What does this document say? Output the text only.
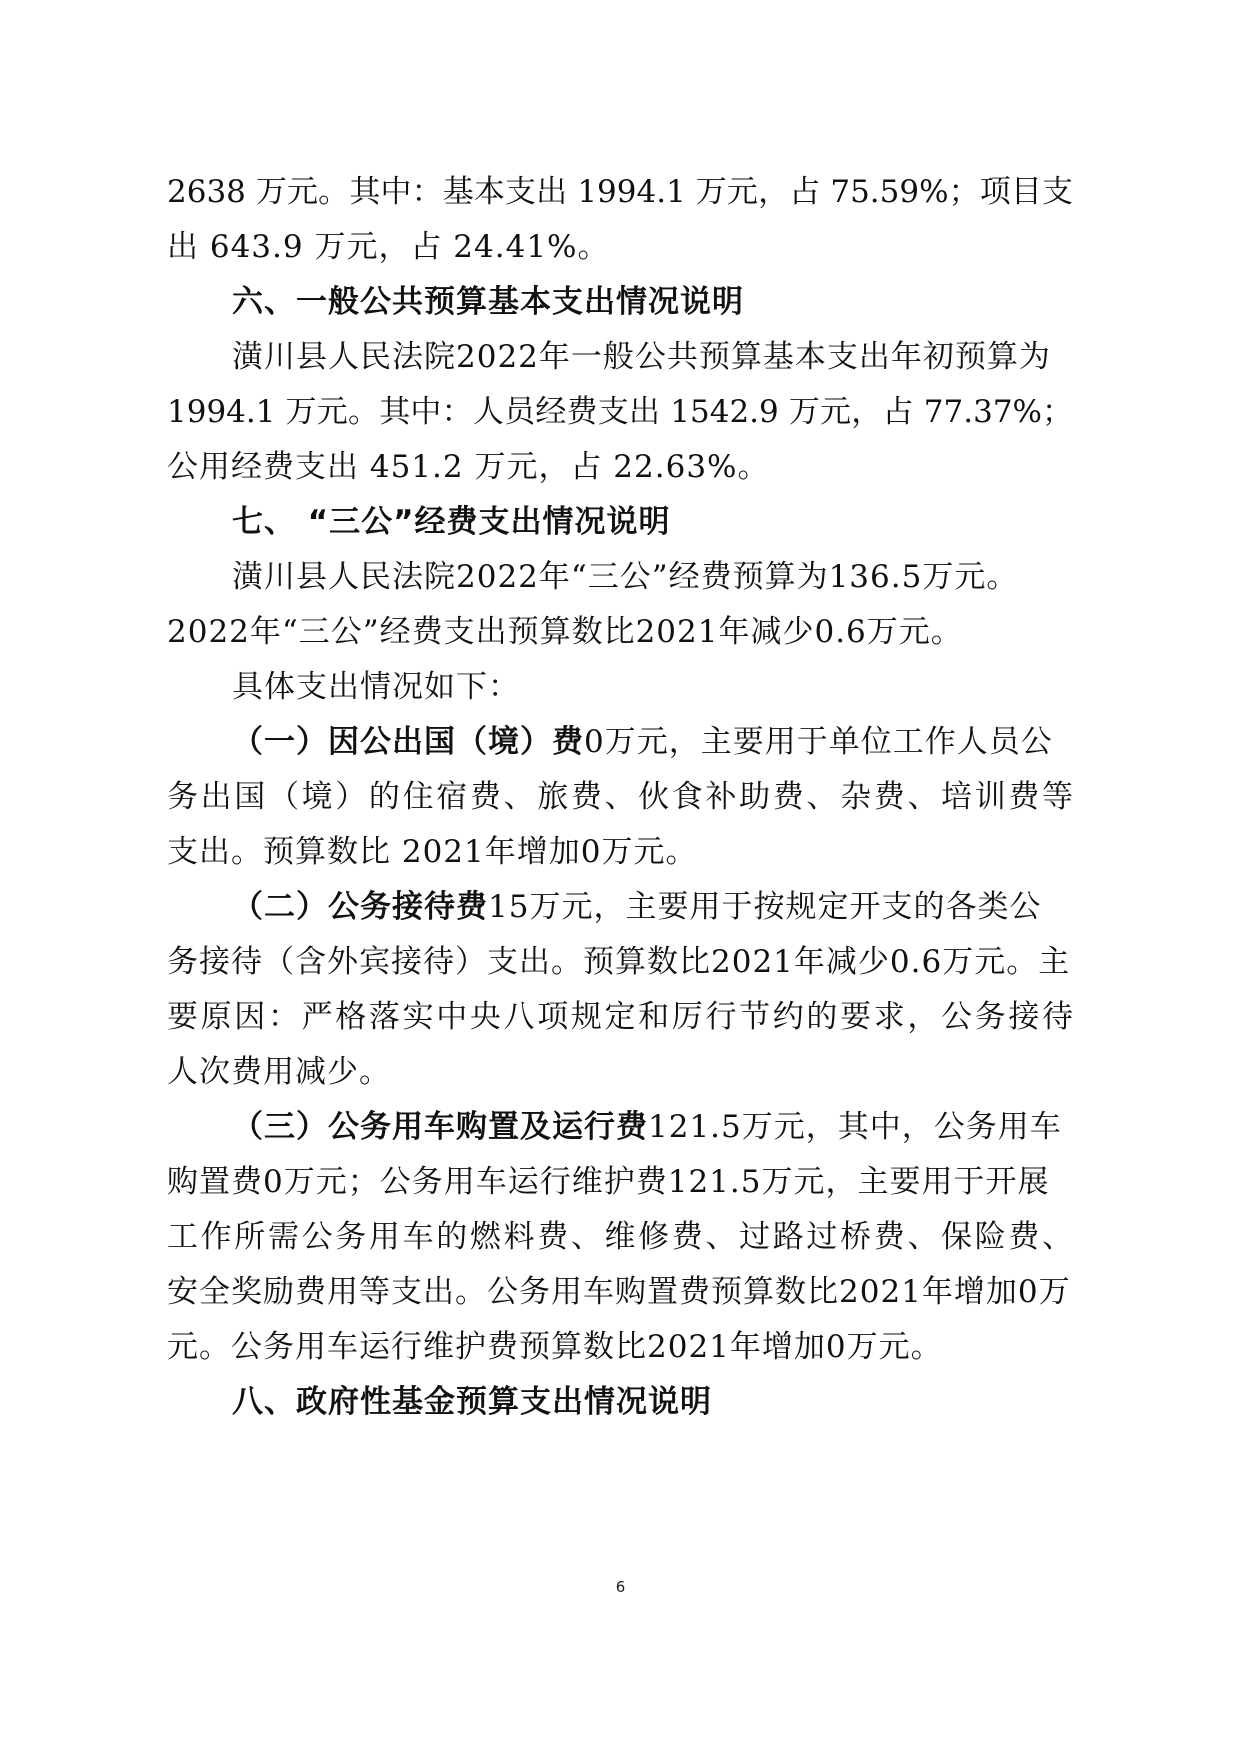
2638 万元。其中：基本支出 1994.1 万元，占 75.59%；项目支
出 643.9 万元，占 24.41%。
六、一般公共预算基本支出情况说明
潢川县人民法院2022年一般公共预算基本支出年初预算为
1994.1 万元。其中：人员经费支出 1542.9 万元，占 77.37%；
公用经费支出 451.2 万元，占 22.63%。
七、 “三公”经费支出情况说明
潢川县人民法院2022年“三公”经费预算为136.5万元。
2022年“三公”经费支出预算数比2021年减少0.6万元。
具体支出情况如下：
（一）因公出国（境）费0万元，主要用于单位工作人员公
务出国（境）的住宿费、旅费、伙食补助费、杂费、培训费等
支出。预算数比 2021年增加0万元。
（二）公务接待费15万元，主要用于按规定开支的各类公
务接待（含外宾接待）支出。预算数比2021年减少0.6万元。主
要原因：严格落实中央八项规定和厉行节约的要求，公务接待
人次费用减少。
（三）公务用车购置及运行费121.5万元，其中，公务用车
购置费0万元；公务用车运行维护费121.5万元，主要用于开展
工作所需公务用车的燃料费、维修费、过路过桥费、保险费、
安全奖励费用等支出。公务用车购置费预算数比2021年增加0万
元。公务用车运行维护费预算数比2021年增加0万元。
八、政府性基金预算支出情况说明
6
